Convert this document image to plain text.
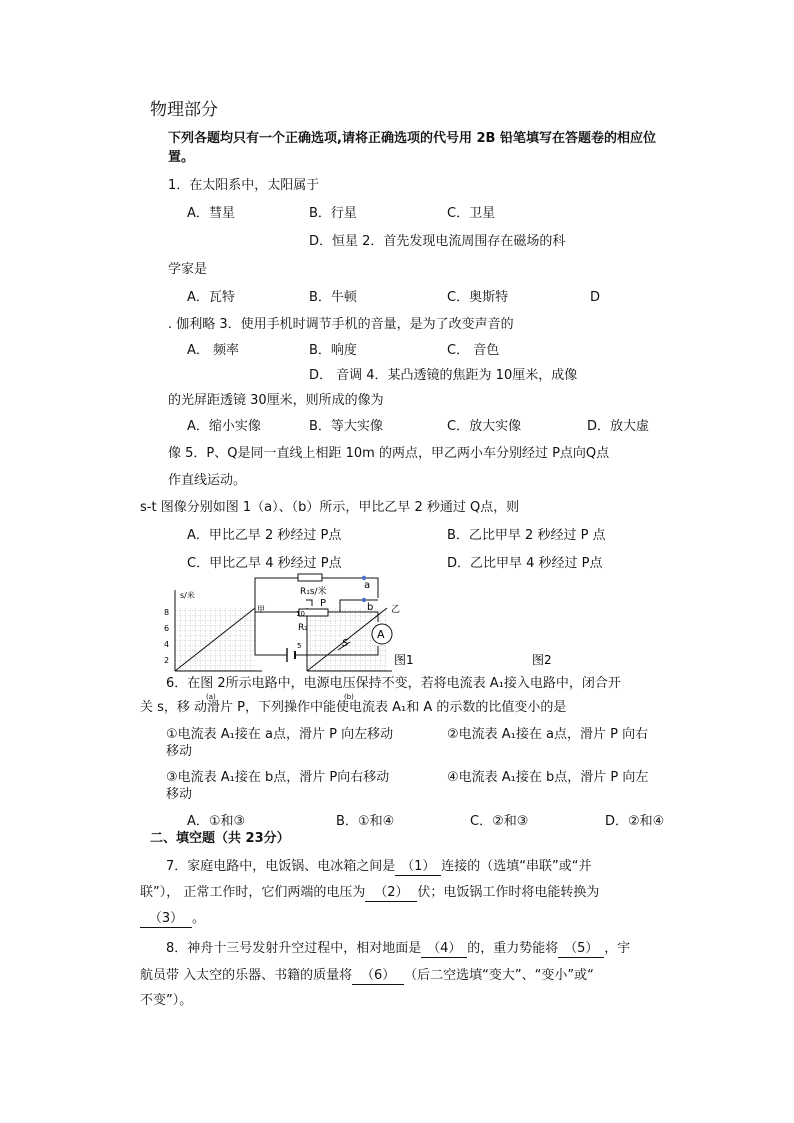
物理部分
下列各题均只有一个正确选项,请将正确选项的代号用 2B 铅笔填写在答题卷的相应位
置。
1．在太阳系中，太阳属于
A．彗星	B．行星	C．卫星
D．恒星 2．首先发现电流周围存在磁场的科
学家是
A．瓦特	B．牛顿	C．奥斯特	D
. 伽利略 3．使用手机时调节手机的音量，是为了改变声音的
A． 频率	B．响度	C． 音色
D． 音调 4．某凸透镜的焦距为 10厘米，成像
的光屏距透镜 30厘米，则所成的像为
A．缩小实像	B．等大实像	C．放大实像	D．放大虚
像 5．P、Q是同一直线上相距 10m 的两点，甲乙两小车分别经过 P点向Q点
作直线运动。
s-t 图像分别如图 1（a）、（b）所示，甲比乙早 2 秒通过 Q点，则
A．甲比乙早 2 秒经过 P点	B．乙比甲早 2 秒经过 P 点
C．甲比乙早 4 秒经过 P点	D．乙比甲早 4 秒经过 P点
s/米
8
6
4
2
甲	乙
A
a
b
R₁s/米
P
R₂
10
5	S
图1	图2
(a)	(b)
6．在图 2所示电路中，电源电压保持不变，若将电流表 A₁接入电路中，闭合开
关 s，移 动滑片 P，下列操作中能使电流表 A₁和 A 的示数的比值变小的是
①电流表 A₁接在 a点，滑片 P 向左移动	②电流表 A₁接在 a点，滑片 P 向右
移动
③电流表 A₁接在 b点，滑片 P向右移动	④电流表 A₁接在 b点，滑片 P 向左
移动
A．①和③	B．①和④	C．②和③	D．②和④
二、填空题（共 23分）
7．家庭电路中，电饭锅、电冰箱之间是 （1） 连接的（选填“串联”或“并
联”）， 正常工作时，它们两端的电压为 （2） 伏；电饭锅工作时将电能转换为
（3） 。
8．神舟十三号发射升空过程中，相对地面是 （4） 的，重力势能将 （5） ，宇
航员带 入太空的乐器、书籍的质量将 （6） （后二空选填“变大”、“变小”或“
不变”）。
